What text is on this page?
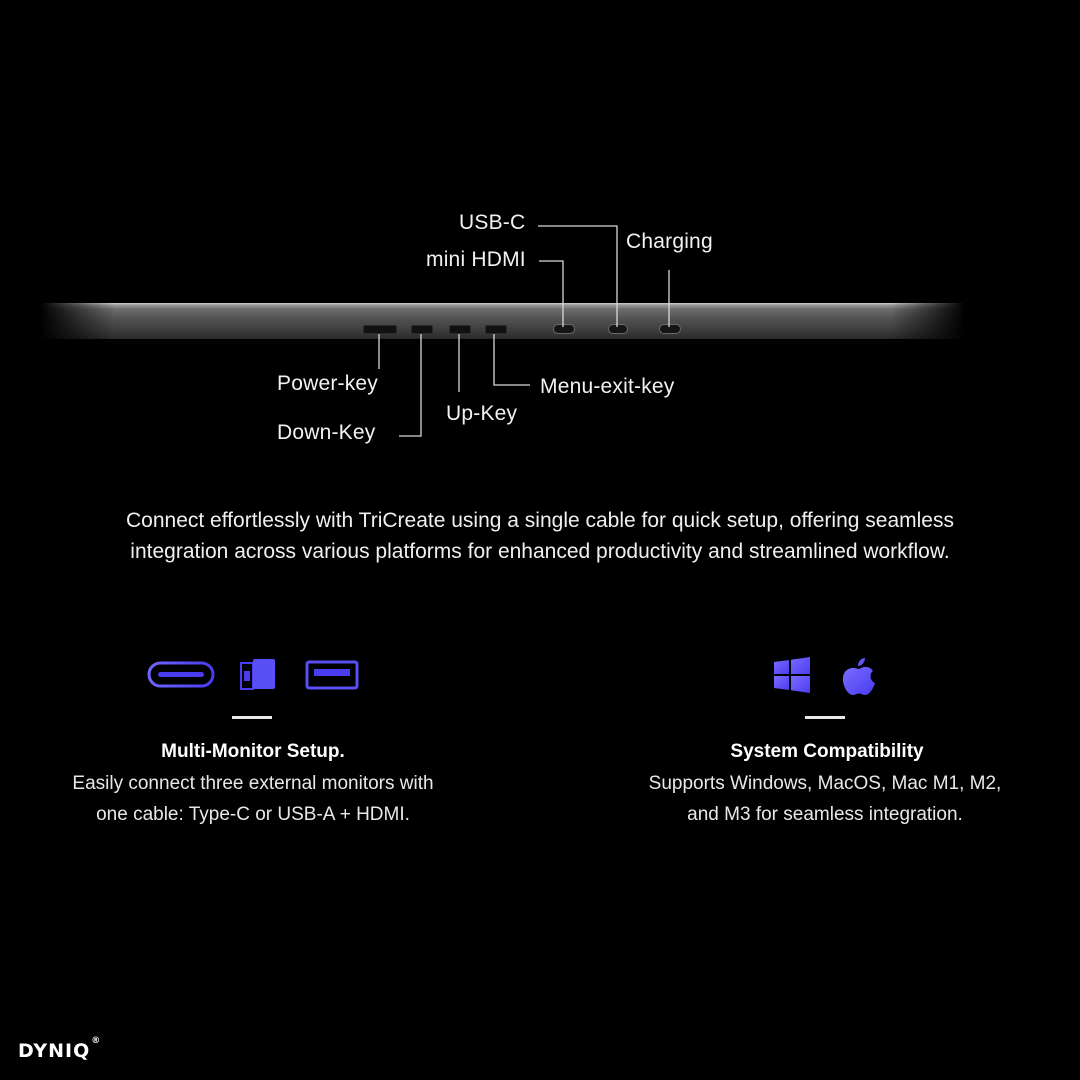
USB-C
mini HDMI
Charging
Power-key
Down-Key
Up-Key
Menu-exit-key
Connect effortlessly with TriCreate using a single cable for quick setup, offering seamless integration across various platforms for enhanced productivity and streamlined workflow.
Multi-Monitor Setup.
Easily connect three external monitors with
one cable: Type-C or USB-A + HDMI.
System Compatibility
Supports Windows, MacOS, Mac M1, M2,
and M3 for seamless integration.
DYNIQ®
